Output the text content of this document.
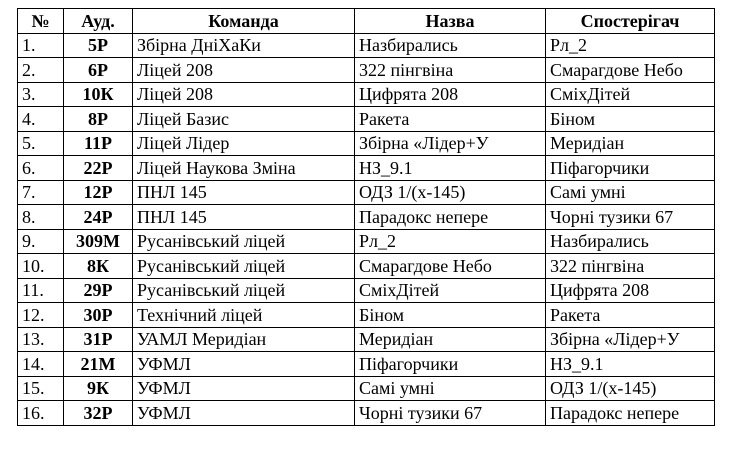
№	Ауд.	Команда	Назва	Спостерігач
1.	5Р	Збірна ДніХаКи	Назбирались	Рл_2
2.	6Р	Ліцей 208	322 пінгвіна	Смарагдове Небо
3.	10К	Ліцей 208	Цифрята 208	СміхДітей
4.	8Р	Ліцей Базис	Ракета	Біном
5.	11Р	Ліцей Лідер	Збірна «Лідер+У	Меридіан
6.	22Р	Ліцей Наукова Зміна	НЗ_9.1	Піфагорчики
7.	12Р	ПНЛ 145	ОДЗ 1/(x-145)	Самі умні
8.	24Р	ПНЛ 145	Парадокс непере	Чорні тузики 67
9.	309М	Русанівський ліцей	Рл_2	Назбирались
10.	8К	Русанівський ліцей	Смарагдове Небо	322 пінгвіна
11.	29Р	Русанівський ліцей	СміхДітей	Цифрята 208
12.	30Р	Технічний ліцей	Біном	Ракета
13.	31Р	УАМЛ Меридіан	Меридіан	Збірна «Лідер+У
14.	21М	УФМЛ	Піфагорчики	НЗ_9.1
15.	9К	УФМЛ	Самі умні	ОДЗ 1/(x-145)
16.	32Р	УФМЛ	Чорні тузики 67	Парадокс непере
